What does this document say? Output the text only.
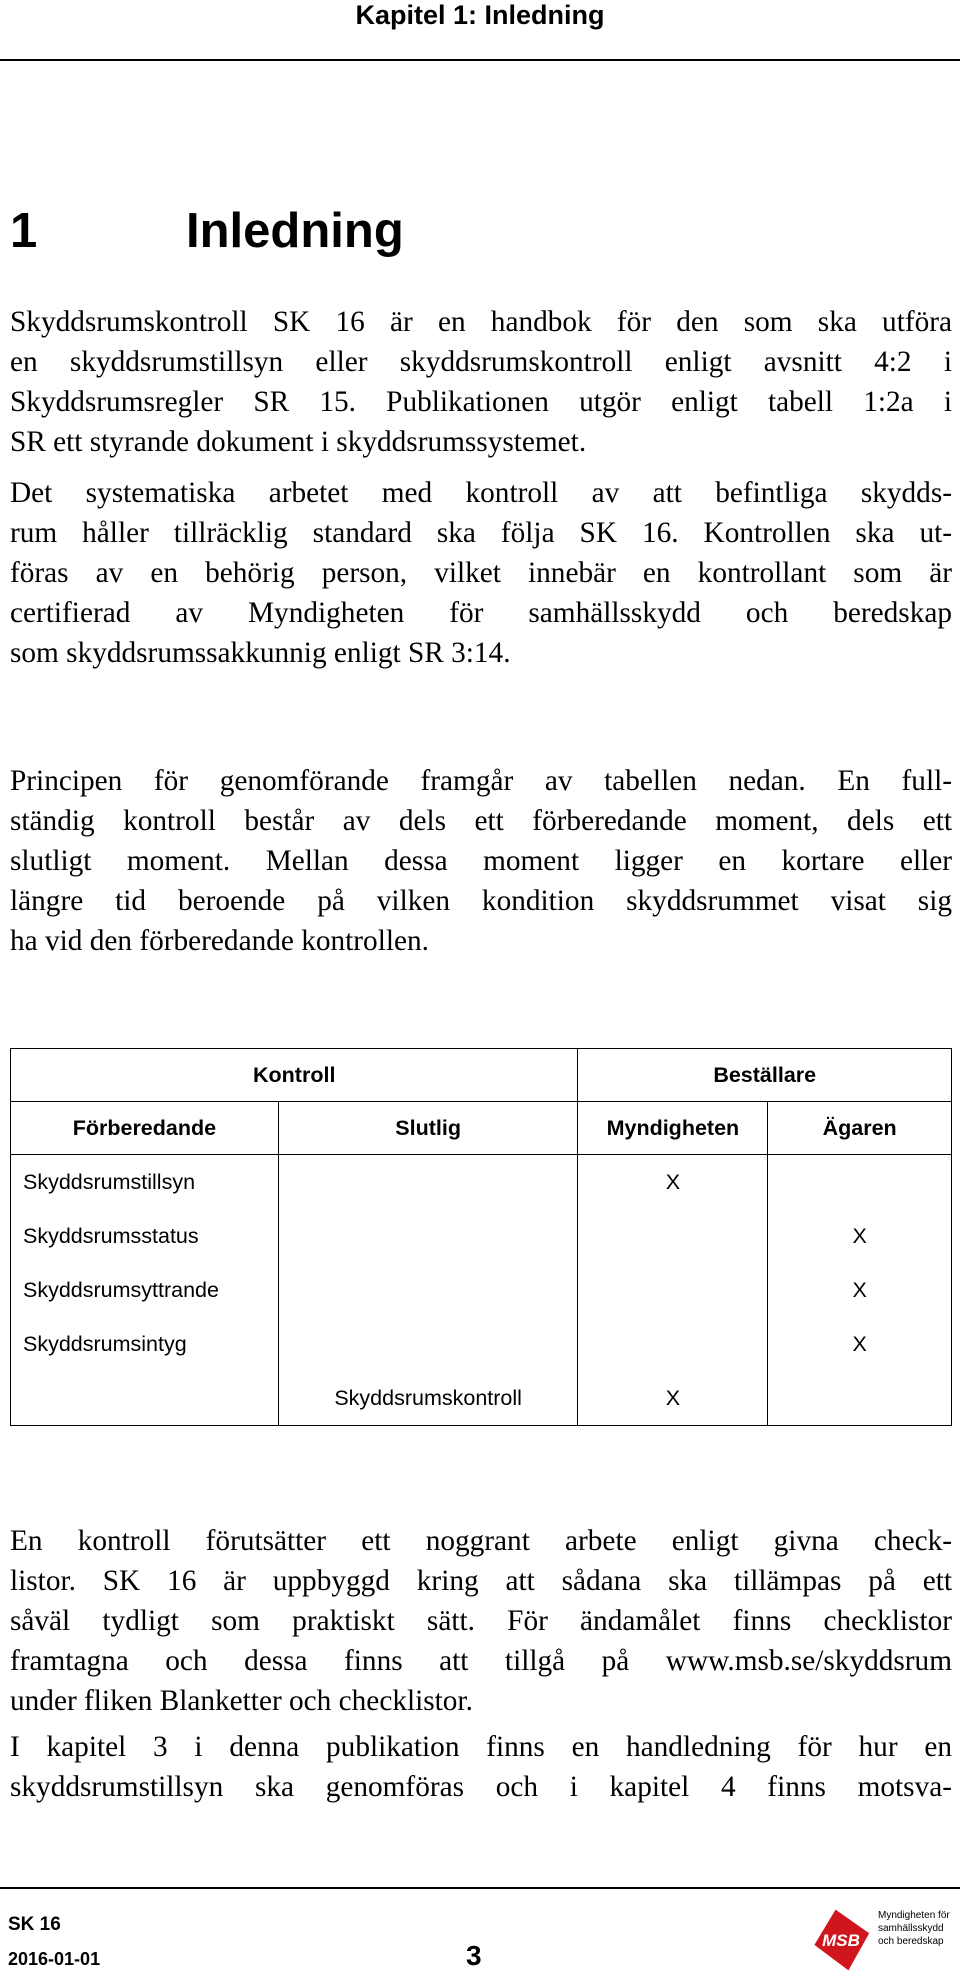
Kapitel 1: Inledning
1	Inledning
Skyddsrumskontroll SK 16 är en handbok för den som ska utföra
en skyddsrumstillsyn eller skyddsrumskontroll enligt avsnitt 4:2 i
Skyddsrumsregler SR 15. Publikationen utgör enligt tabell 1:2a i
SR ett styrande dokument i skyddsrumssystemet.
Det systematiska arbetet med kontroll av att befintliga skydds-
rum håller tillräcklig standard ska följa SK 16. Kontrollen ska ut-
föras av en behörig person, vilket innebär en kontrollant som är
certifierad av Myndigheten för samhällsskydd och beredskap
som skyddsrumssakkunnig enligt SR 3:14.
Principen för genomförande framgår av tabellen nedan. En full-
ständig kontroll består av dels ett förberedande moment, dels ett
slutligt moment. Mellan dessa moment ligger en kortare eller
längre tid beroende på vilken kondition skyddsrummet visat sig
ha vid den förberedande kontrollen.
Kontroll		Beställare	
Förberedande	Slutlig	Myndigheten	Ägaren
Skyddsrumstillsyn		X	
Skyddsrumsstatus			X
Skyddsrumsyttrande			X
Skyddsrumsintyg			X
	Skyddsrumskontroll	X	
En kontroll förutsätter ett noggrant arbete enligt givna check-
listor. SK 16 är uppbyggd kring att sådana ska tillämpas på ett
såväl tydligt som praktiskt sätt. För ändamålet finns checklistor
framtagna och dessa finns att tillgå på www.msb.se/skyddsrum
under fliken Blanketter och checklistor.
I kapitel 3 i denna publikation finns en handledning för hur en
skyddsrumstillsyn ska genomföras och i kapitel 4 finns motsva-
SK 16
2016-01-01	3	MSB
Myndigheten för
samhällsskydd
och beredskap
